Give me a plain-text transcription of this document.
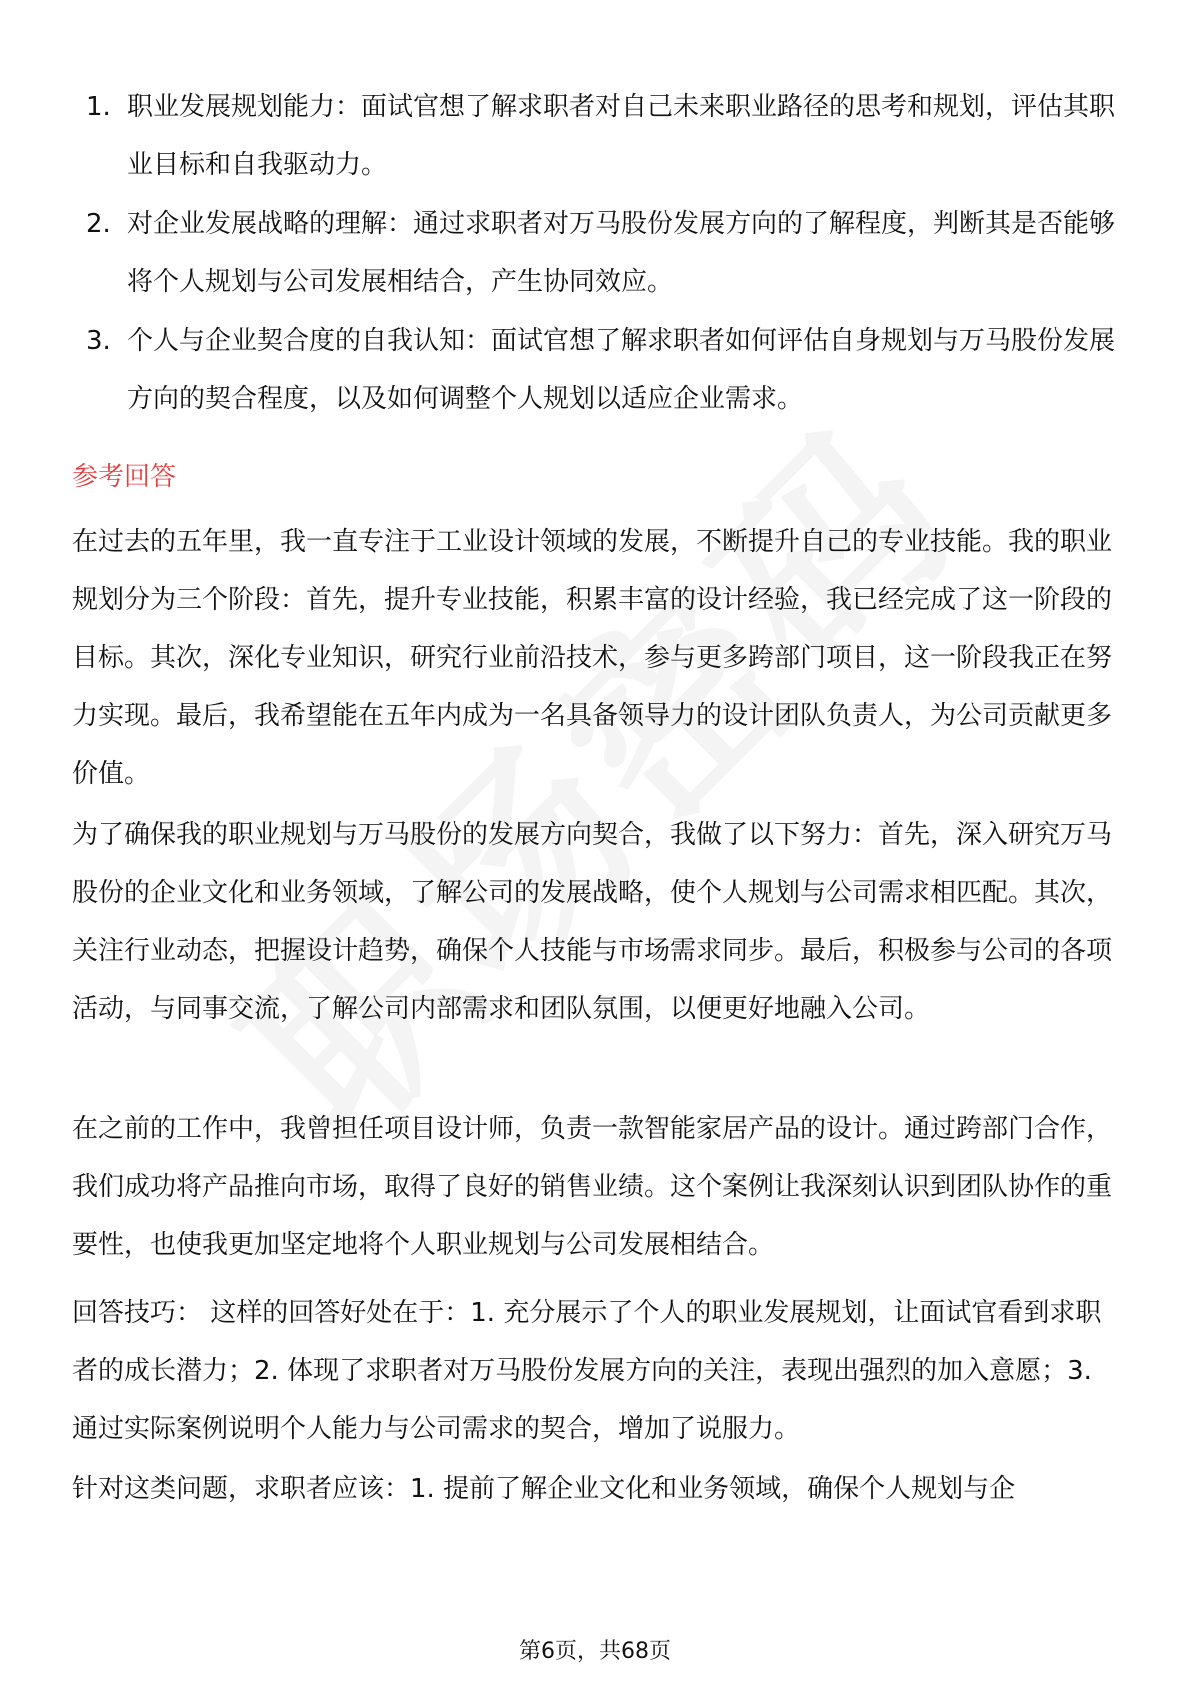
1. 职业发展规划能力：面试官想了解求职者对自己未来职业路径的思考和规划，评估其职业目标和自我驱动力。
2. 对企业发展战略的理解：通过求职者对万马股份发展方向的了解程度，判断其是否能够将个人规划与公司发展相结合，产生协同效应。
3. 个人与企业契合度的自我认知：面试官想了解求职者如何评估自身规划与万马股份发展方向的契合程度，以及如何调整个人规划以适应企业需求。
参考回答

在过去的五年里，我一直专注于工业设计领域的发展，不断提升自己的专业技能。我的职业规划分为三个阶段：首先，提升专业技能，积累丰富的设计经验，我已经完成了这一阶段的目标。其次，深化专业知识，研究行业前沿技术，参与更多跨部门项目，这一阶段我正在努力实现。最后，我希望能在五年内成为一名具备领导力的设计团队负责人，为公司贡献更多价值。

为了确保我的职业规划与万马股份的发展方向契合，我做了以下努力：首先，深入研究万马股份的企业文化和业务领域，了解公司的发展战略，使个人规划与公司需求相匹配。其次，关注行业动态，把握设计趋势，确保个人技能与市场需求同步。最后，积极参与公司的各项活动，与同事交流，了解公司内部需求和团队氛围，以便更好地融入公司。

在之前的工作中，我曾担任项目设计师，负责一款智能家居产品的设计。通过跨部门合作，我们成功将产品推向市场，取得了良好的销售业绩。这个案例让我深刻认识到团队协作的重要性，也使我更加坚定地将个人职业规划与公司发展相结合。

回答技巧： 这样的回答好处在于：1. 充分展示了个人的职业发展规划，让面试官看到求职者的成长潜力；2. 体现了求职者对万马股份发展方向的关注，表现出强烈的加入意愿；3. 通过实际案例说明个人能力与公司需求的契合，增加了说服力。

针对这类问题，求职者应该：1. 提前了解企业文化和业务领域，确保个人规划与企

第6页，共68页
